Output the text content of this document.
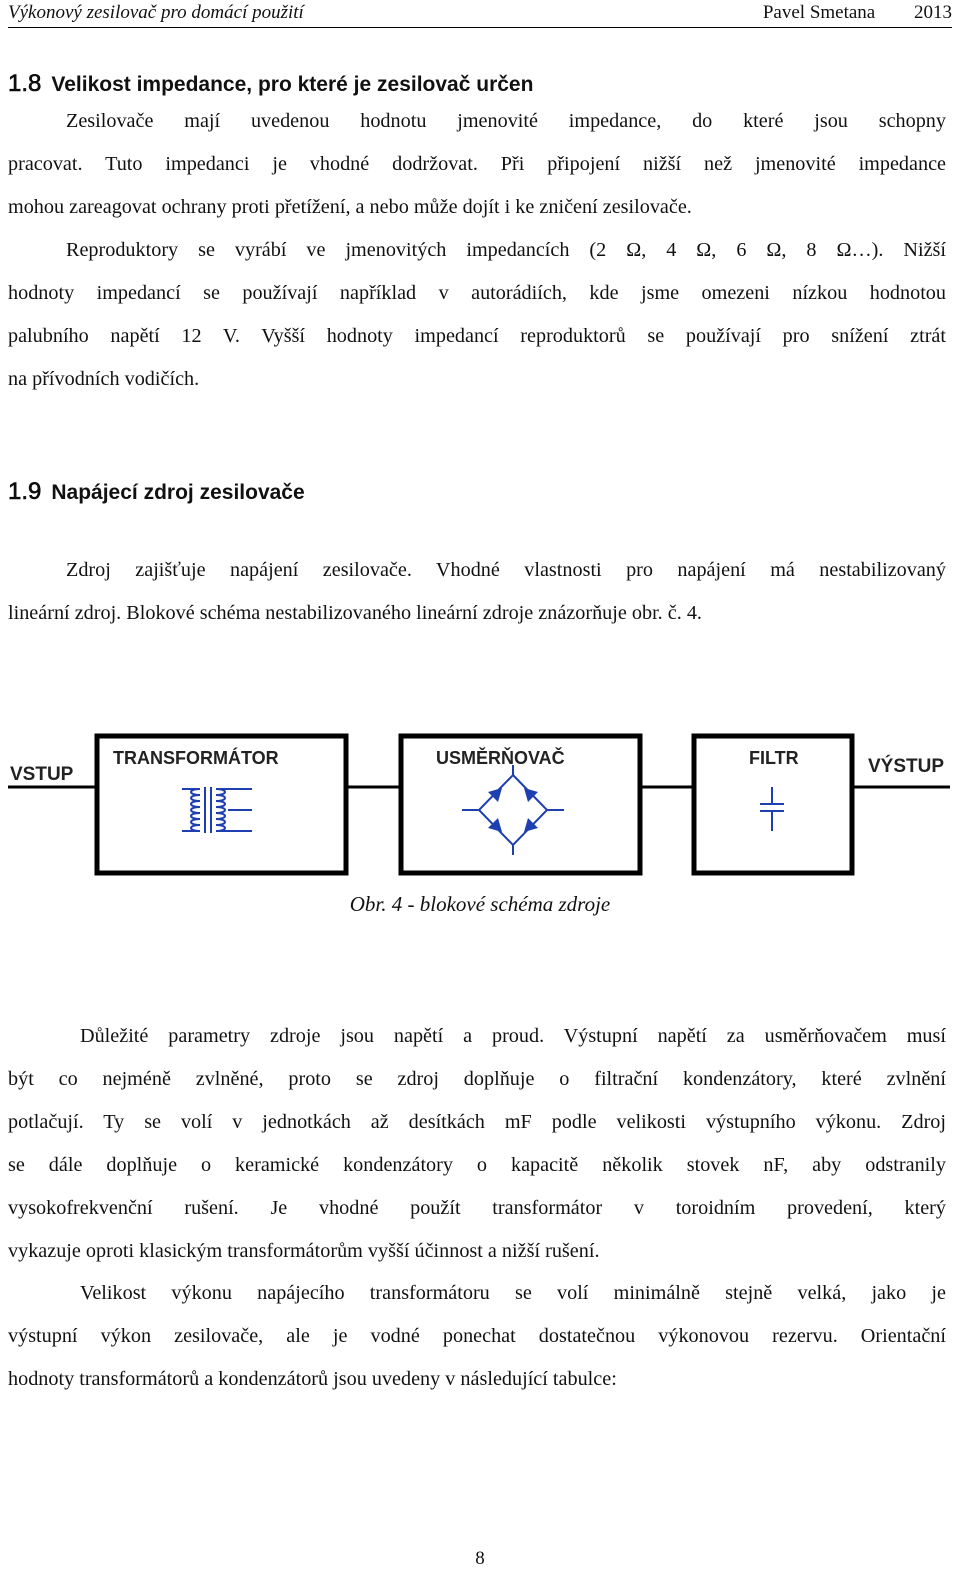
Výkonový zesilovač pro domácí použití	Pavel Smetana 2013
1.8 Velikost impedance, pro které je zesilovač určen
Zesilovače mají uvedenou hodnotu jmenovité impedance, do které jsou schopny
pracovat. Tuto impedanci je vhodné dodržovat. Při připojení nižší než jmenovité impedance
mohou zareagovat ochrany proti přetížení, a nebo může dojít i ke zničení zesilovače.
Reproduktory se vyrábí ve jmenovitých impedancích (2 Ω, 4 Ω, 6 Ω, 8 Ω…). Nižší
hodnoty impedancí se používají například v autorádiích, kde jsme omezeni nízkou hodnotou
palubního napětí 12 V. Vyšší hodnoty impedancí reproduktorů se používají pro snížení ztrát
na přívodních vodičích.
1.9 Napájecí zdroj zesilovače
Zdroj zajišťuje napájení zesilovače. Vhodné vlastnosti pro napájení má nestabilizovaný
lineární zdroj. Blokové schéma nestabilizovaného lineární zdroje znázorňuje obr. č. 4.
VSTUP	VÝSTUP
TRANSFORMÁTOR	USMĚRŇOVAČ	FILTR
Obr. 4 - blokové schéma zdroje
Důležité parametry zdroje jsou napětí a proud. Výstupní napětí za usměrňovačem musí
být co nejméně zvlněné, proto se zdroj doplňuje o filtrační kondenzátory, které zvlnění
potlačují. Ty se volí v jednotkách až desítkách mF podle velikosti výstupního výkonu. Zdroj
se dále doplňuje o keramické kondenzátory o kapacitě několik stovek nF, aby odstranily
vysokofrekvenční rušení. Je vhodné použít transformátor v toroidním provedení, který
vykazuje oproti klasickým transformátorům vyšší účinnost a nižší rušení.
Velikost výkonu napájecího transformátoru se volí minimálně stejně velká, jako je
výstupní výkon zesilovače, ale je vodné ponechat dostatečnou výkonovou rezervu. Orientační
hodnoty transformátorů a kondenzátorů jsou uvedeny v následující tabulce:
8
